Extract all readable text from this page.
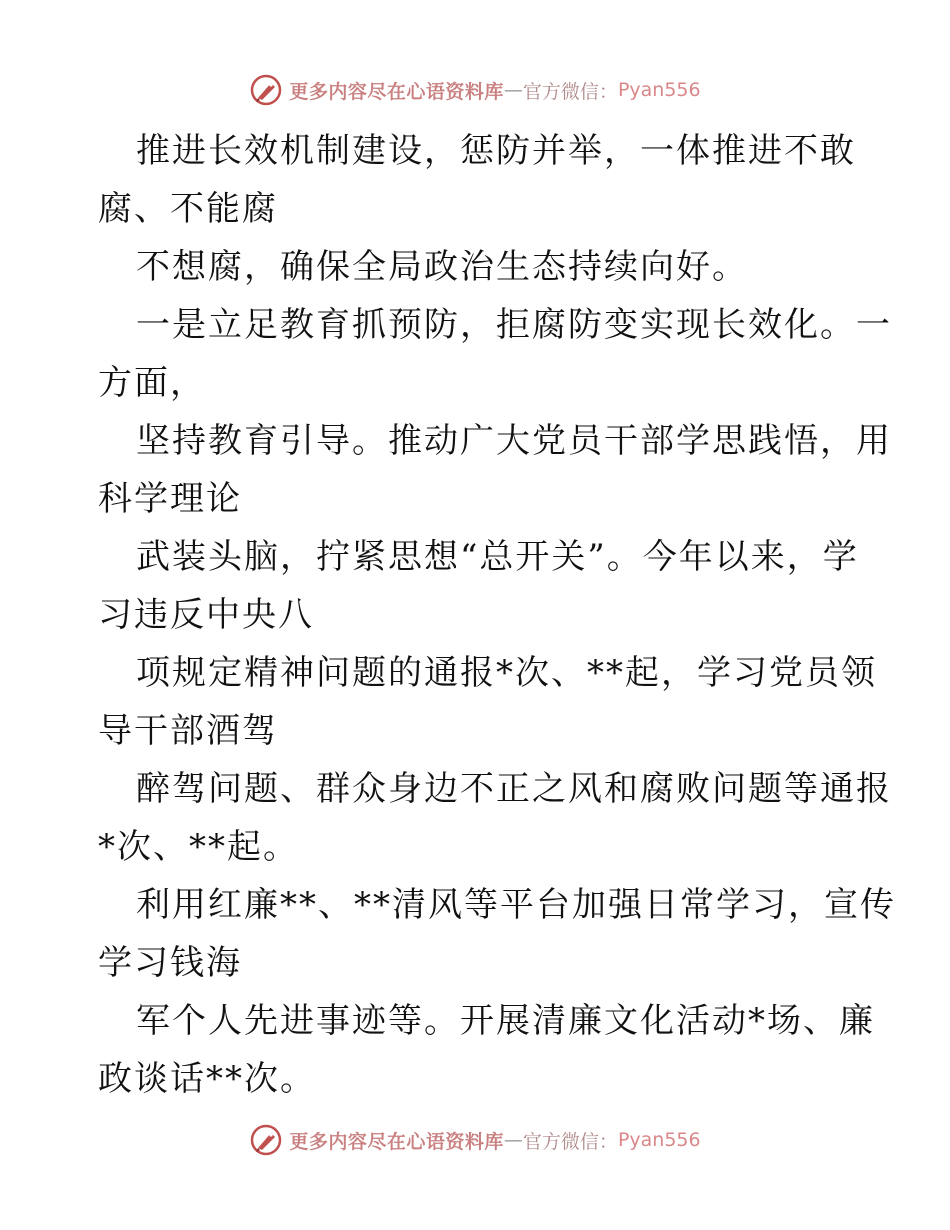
更多内容尽在心语资料库 — 官方微信： Pyan556
推进长效机制建设，惩防并举，一体推进不敢
腐、不能腐
不想腐，确保全局政治生态持续向好。
一是立足教育抓预防，拒腐防变实现长效化。一
方面，
坚持教育引导。推动广大党员干部学思践悟，用
科学理论
武装头脑，拧紧思想“总开关”。今年以来，学
习违反中央八
项规定精神问题的通报*次、**起，学习党员领
导干部酒驾
醉驾问题、群众身边不正之风和腐败问题等通报
*次、**起。
利用红廉**、**清风等平台加强日常学习，宣传
学习钱海
军个人先进事迹等。开展清廉文化活动*场、廉
政谈话**次。
更多内容尽在心语资料库 — 官方微信： Pyan556
